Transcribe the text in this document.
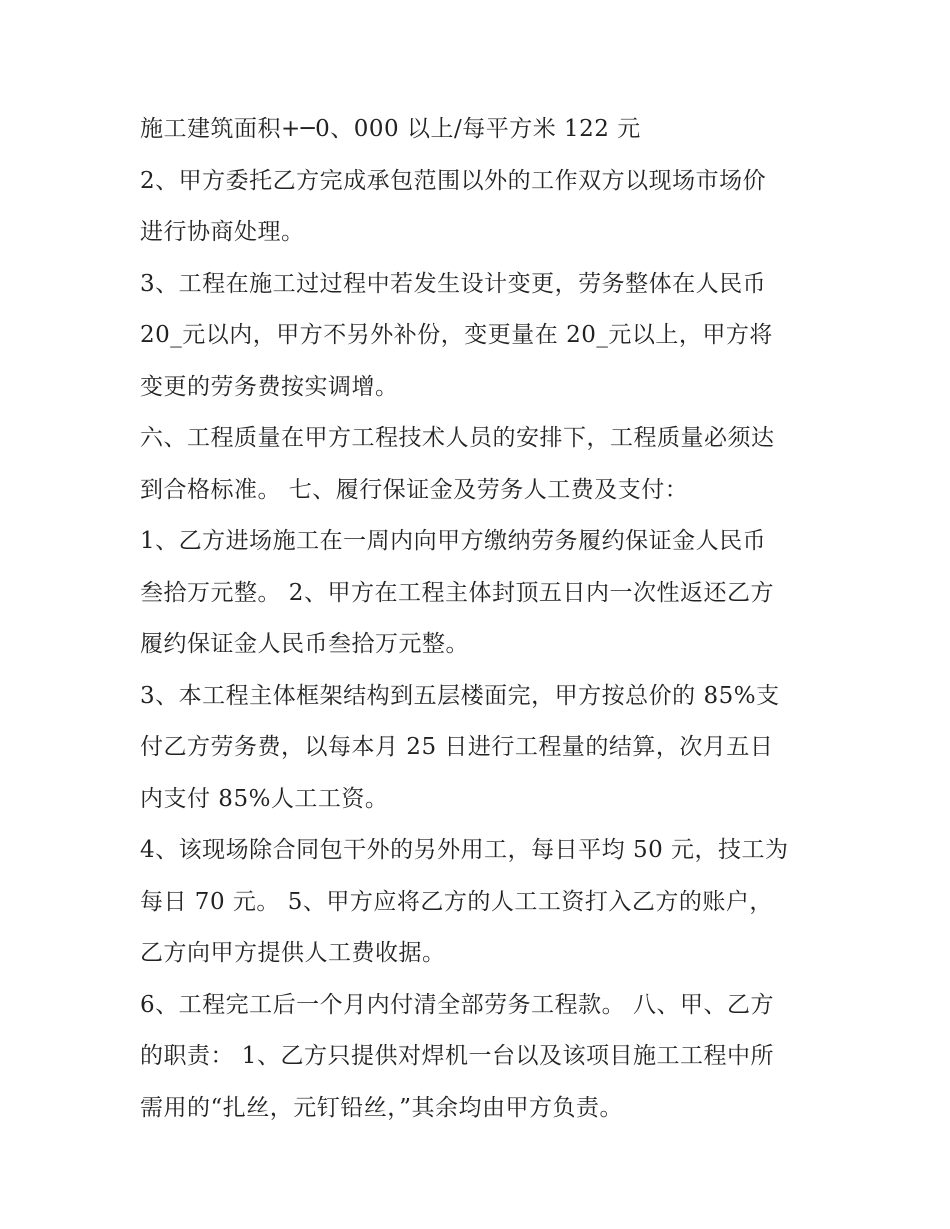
施工建筑面积+─0、000 以上/每平方米 122 元
2、甲方委托乙方完成承包范围以外的工作双方以现场市场价
进行协商处理。
3、工程在施工过过程中若发生设计变更，劳务整体在人民币
20_元以内，甲方不另外补份，变更量在 20_元以上，甲方将
变更的劳务费按实调增。
六、工程质量在甲方工程技术人员的安排下，工程质量必须达
到合格标准。 七、履行保证金及劳务人工费及支付：
1、乙方进场施工在一周内向甲方缴纳劳务履约保证金人民币
叁拾万元整。 2、甲方在工程主体封顶五日内一次性返还乙方
履约保证金人民币叁拾万元整。
3、本工程主体框架结构到五层楼面完，甲方按总价的 85%支
付乙方劳务费，以每本月 25 日进行工程量的结算，次月五日
内支付 85%人工工资。
4、该现场除合同包干外的另外用工，每日平均 50 元，技工为
每日 70 元。 5、甲方应将乙方的人工工资打入乙方的账户，
乙方向甲方提供人工费收据。
6、工程完工后一个月内付清全部劳务工程款。 八、甲、乙方
的职责： 1、乙方只提供对焊机一台以及该项目施工工程中所
需用的“扎丝，元钉铅丝，”其余均由甲方负责。
